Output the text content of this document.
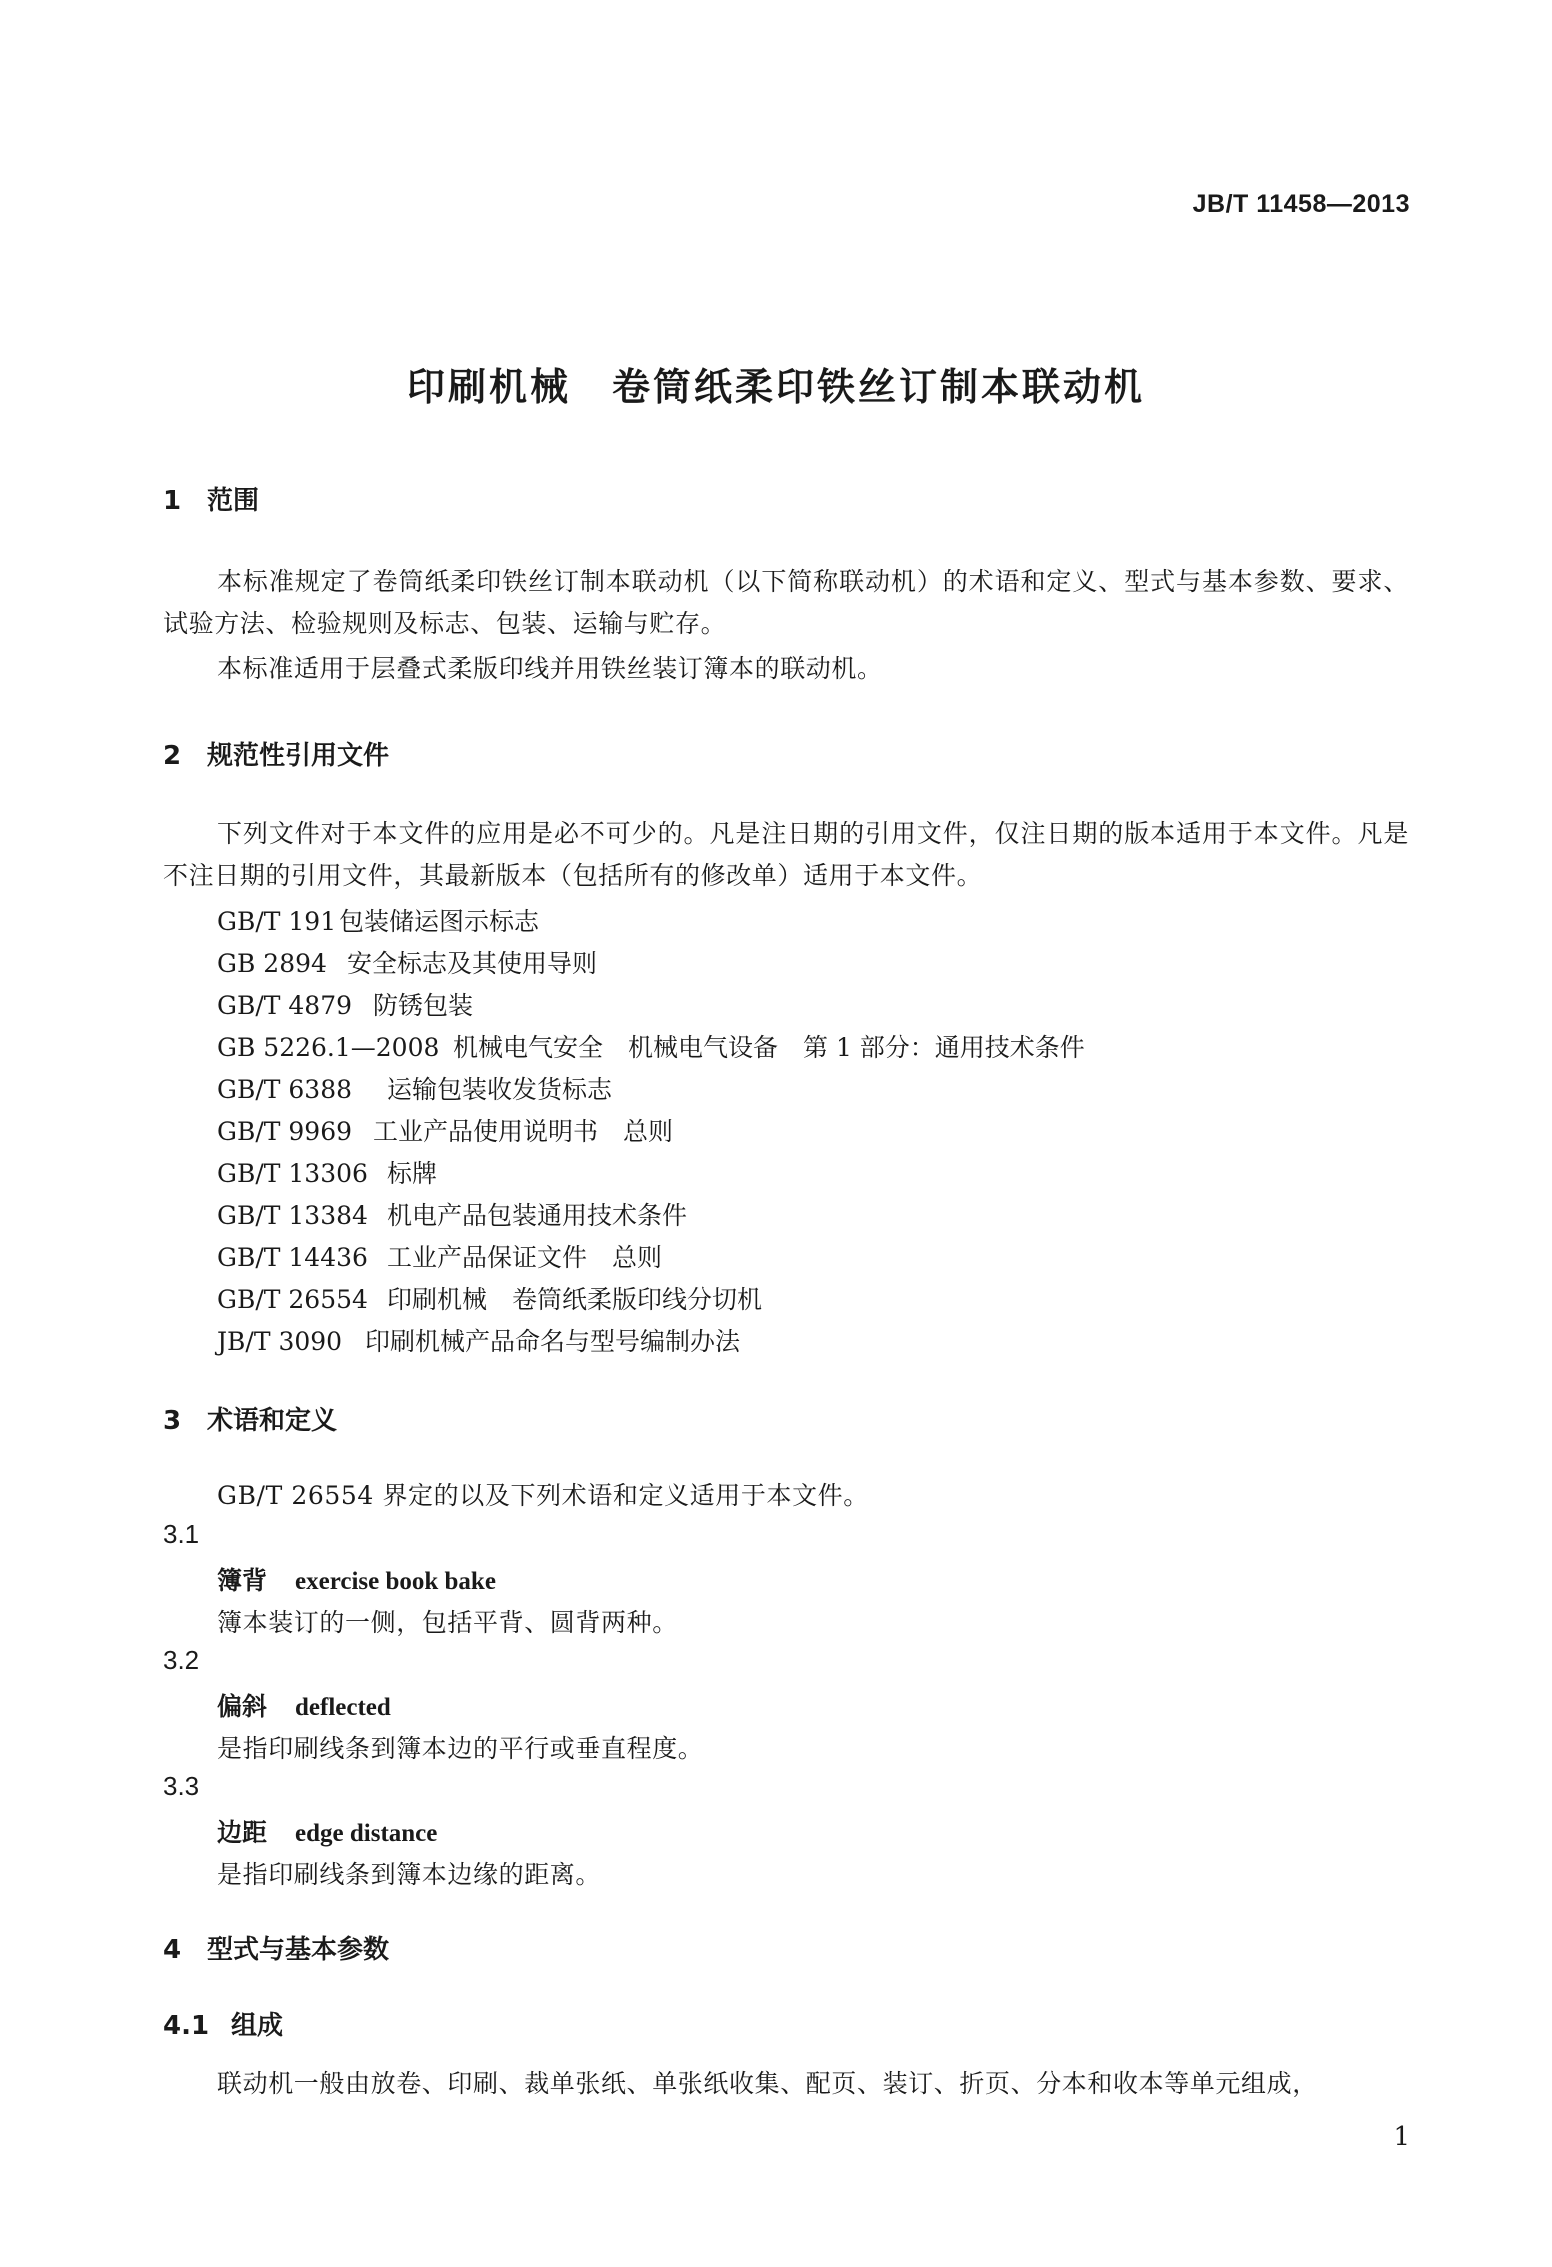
JB/T 11458—2013
印刷机械　卷筒纸柔印铁丝订制本联动机
1 范围
本标准规定了卷筒纸柔印铁丝订制本联动机（以下简称联动机）的术语和定义、型式与基本参数、要求、试验方法、检验规则及标志、包装、运输与贮存。
本标准适用于层叠式柔版印线并用铁丝装订簿本的联动机。
2 规范性引用文件
下列文件对于本文件的应用是必不可少的。凡是注日期的引用文件，仅注日期的版本适用于本文件。凡是不注日期的引用文件，其最新版本（包括所有的修改单）适用于本文件。
GB/T 191 包装储运图示标志
GB 2894 安全标志及其使用导则
GB/T 4879 防锈包装
GB 5226.1—2008 机械电气安全　机械电气设备　第 1 部分：通用技术条件
GB/T 6388 运输包装收发货标志
GB/T 9969 工业产品使用说明书　总则
GB/T 13306 标牌
GB/T 13384 机电产品包装通用技术条件
GB/T 14436 工业产品保证文件　总则
GB/T 26554 印刷机械　卷筒纸柔版印线分切机
JB/T 3090 印刷机械产品命名与型号编制办法
3 术语和定义
GB/T 26554 界定的以及下列术语和定义适用于本文件。
3.1
簿背 exercise book bake
簿本装订的一侧，包括平背、圆背两种。
3.2
偏斜 deflected
是指印刷线条到簿本边的平行或垂直程度。
3.3
边距 edge distance
是指印刷线条到簿本边缘的距离。
4 型式与基本参数
4.1 组成
联动机一般由放卷、印刷、裁单张纸、单张纸收集、配页、装订、折页、分本和收本等单元组成，
1
